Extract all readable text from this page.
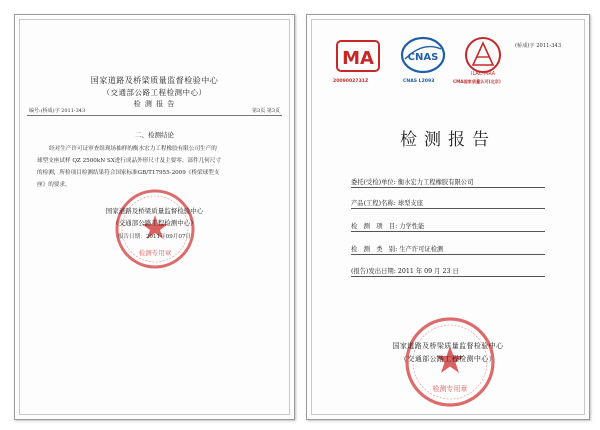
国家道路及桥梁质量监督检验中心
（交通部公路工程检测中心）
检 测 报 告
编号:(桥成)字 2011-343	第3页 第3页
二、检测结论
经对生产许可证审查组现场抽样的衡水宏力工程橡胶有限公司生产的
球型支座试样 QZ 2500kN SX进行成品外形尺寸及主要零、部件几何尺寸
的检测，所检项目检测结果符合国家标准GB/T17955-2009《桥梁球型支
座》的要求。
检测专用章
国家道路及桥梁质量监督检验中心
（交通部公路工程检测中心）
报告日期：2011年09月07日
MA
2009002731Z
CNAS
CNAS L2093
ILAC-MRA
CMA国家质量认可(北京)
(桥成)字 2011-343
检测报告
委托(受检)单位: 衡水宏力工程橡胶有限公司
产品(工程)名称: 球型支座
检　测　项　目: 力学性能
检　测　类　别: 生产许可证检测
(报告)发出日期: 2011 年 09 月 23 日
检测专用章
国家道路及桥梁质量监督检验中心
（交通部公路工程检测中心）
